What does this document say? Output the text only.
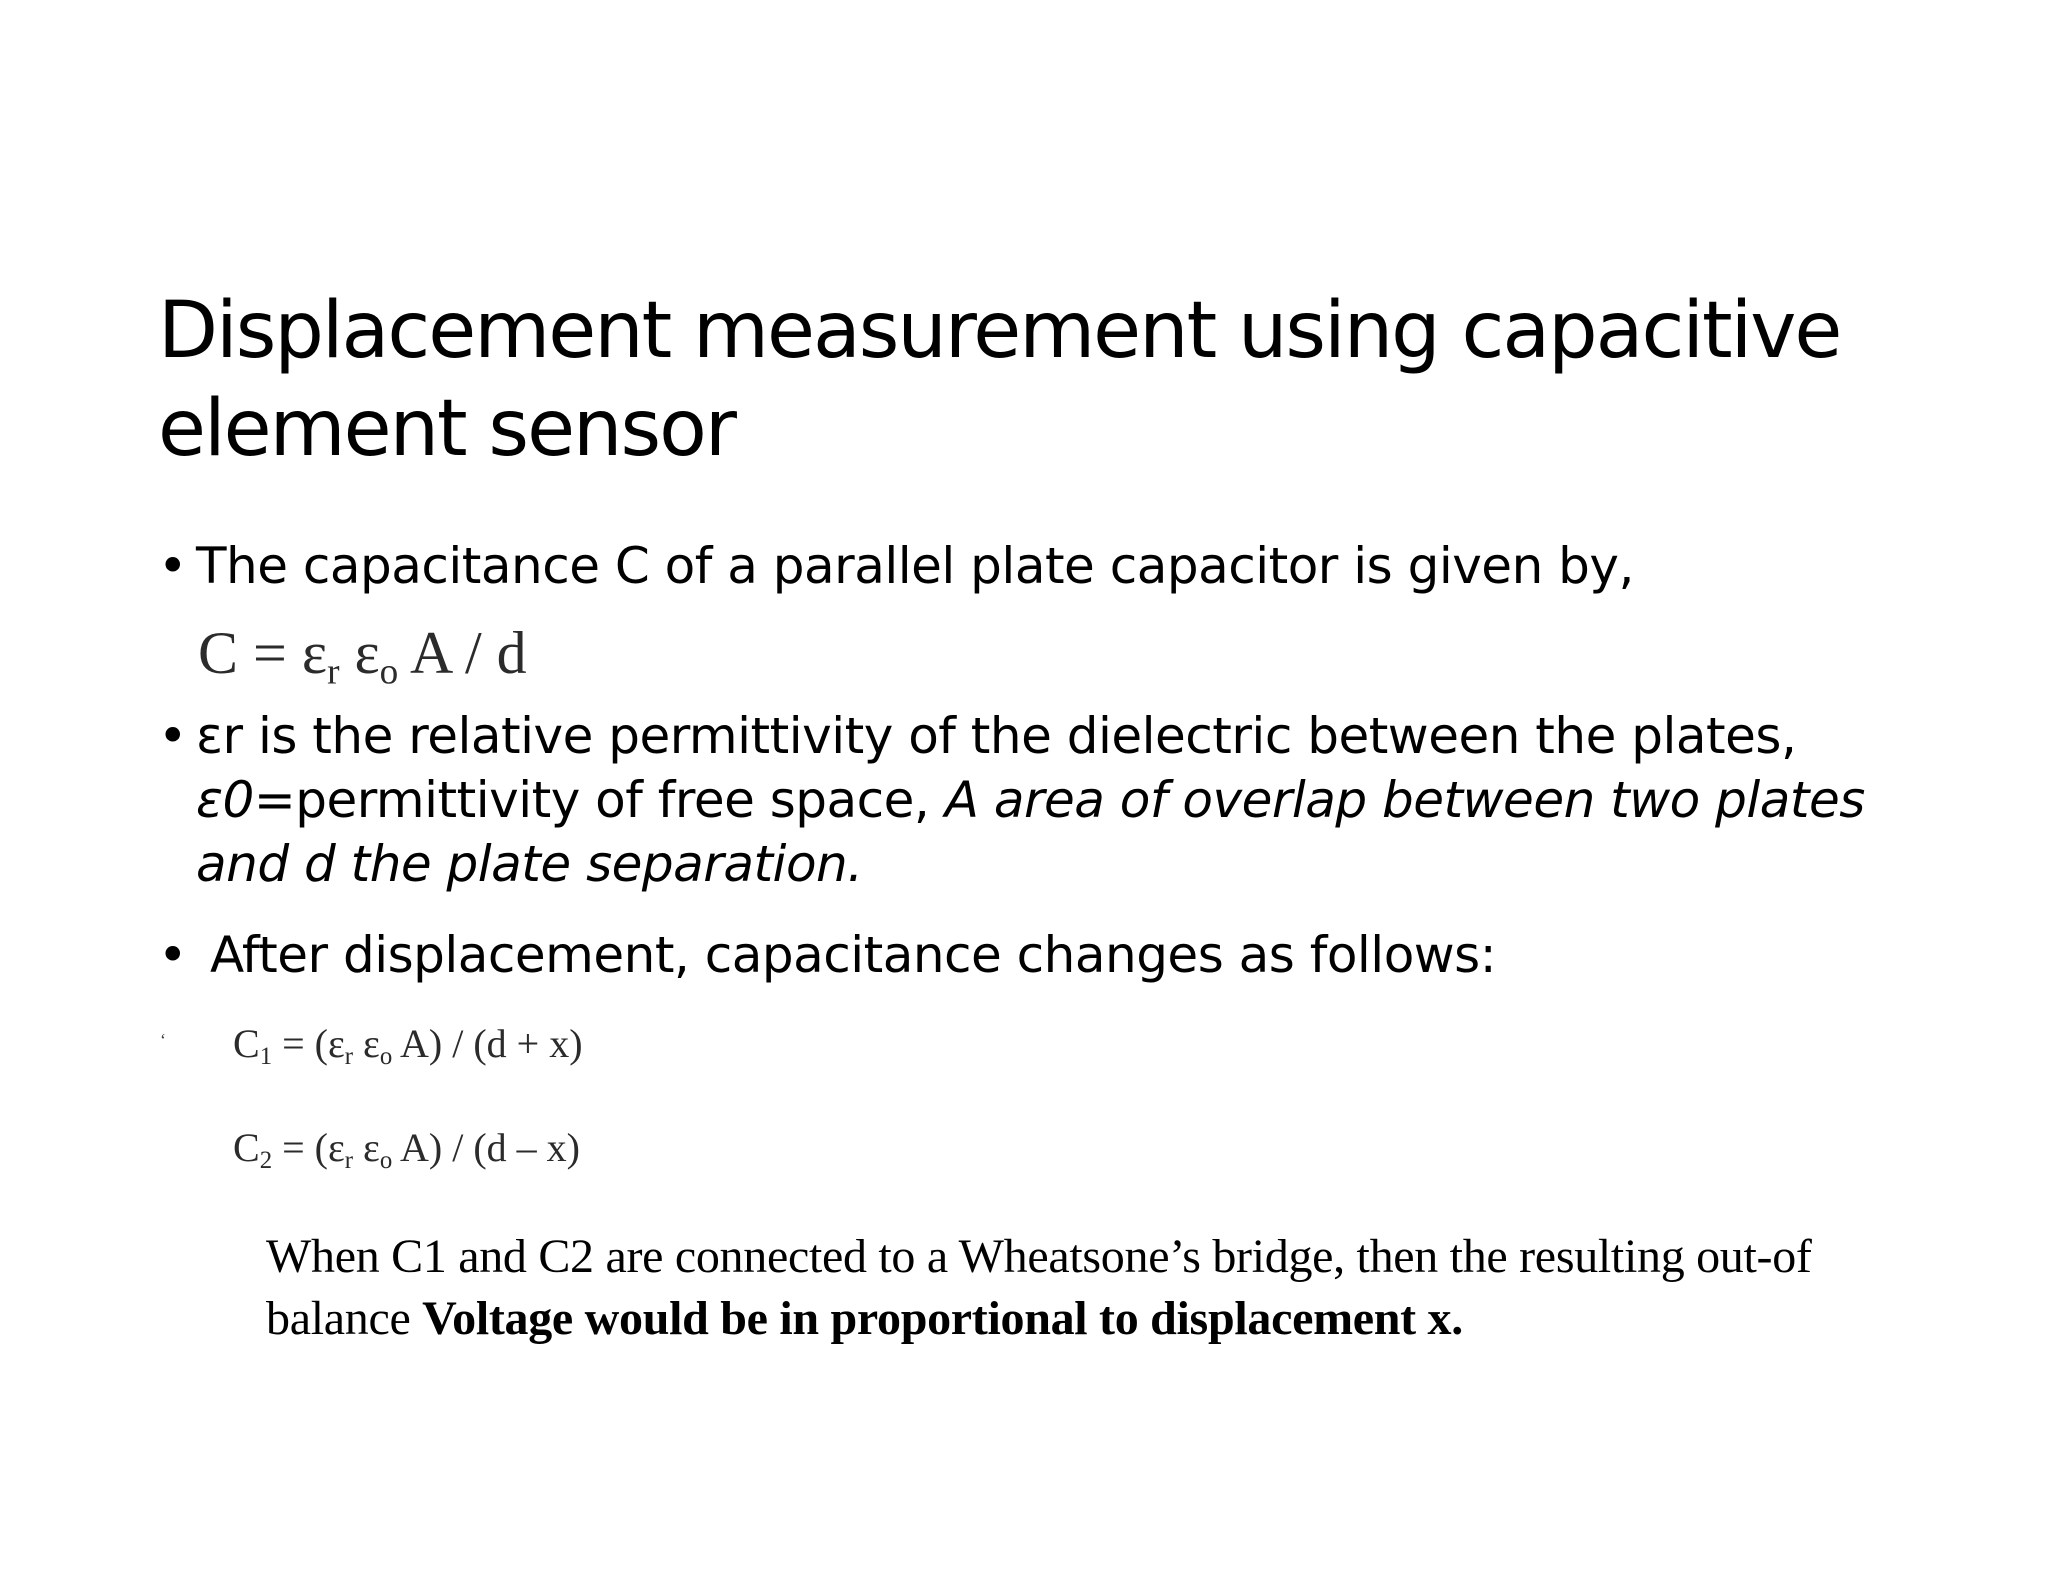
Displacement measurement using capacitive element sensor
• The capacitance C of a parallel plate capacitor is given by,
$C = \varepsilon_r$ $\varepsilon_o$ A / d
• εr is the relative permittivity of the dielectric between the plates, ε0=permittivity of free space, A area of overlap between two plates and d the plate separation.
• After displacement, capacitance changes as follows:
‘ $C_1 = (\varepsilon_r$ $\varepsilon_o$ A) / (d + x)
$C_2 = (\varepsilon_r$ $\varepsilon_o$ A) / (d – x)
When C1 and C2 are connected to a Wheatsone’s bridge, then the resulting out-of balance Voltage would be in proportional to displacement x.
